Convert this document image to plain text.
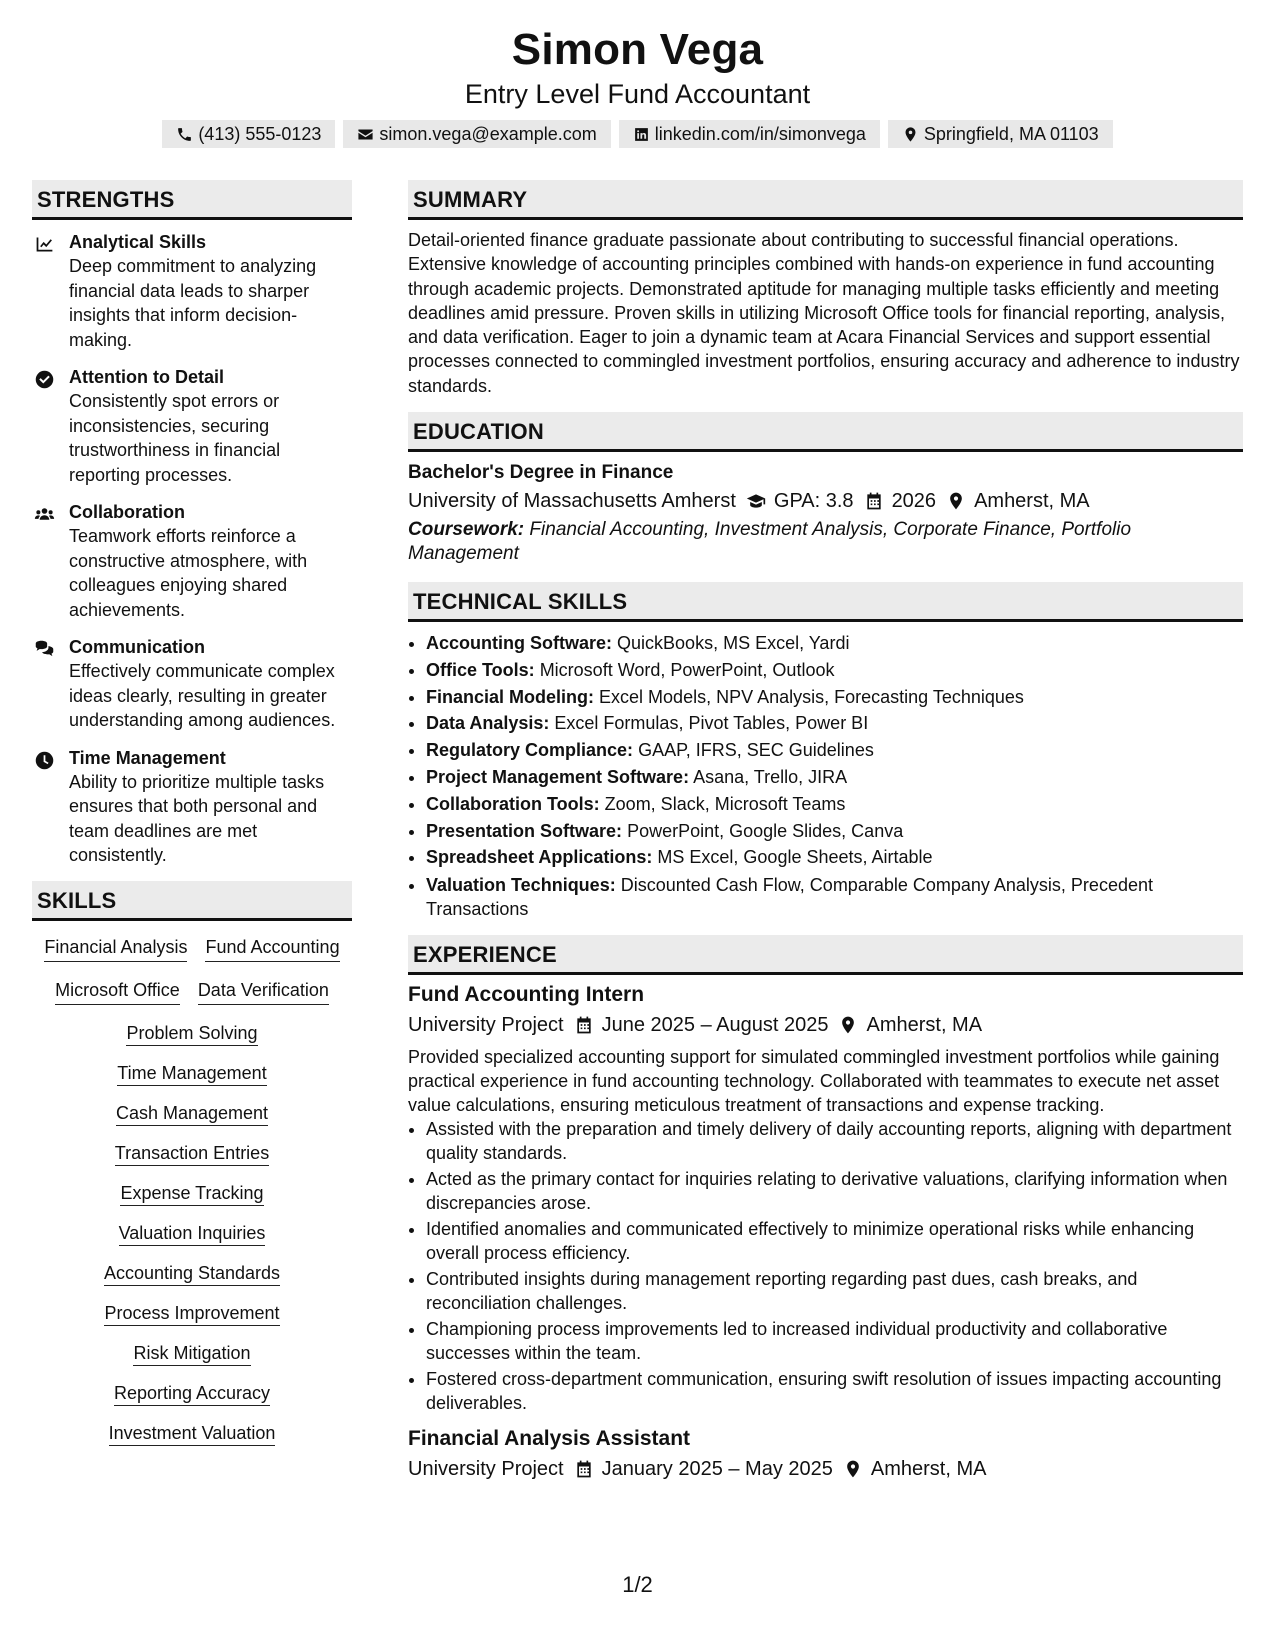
Simon Vega
Entry Level Fund Accountant
(413) 555-0123	simon.vega@example.com	linkedin.com/in/simonvega	Springfield, MA 01103
STRENGTHS
Analytical Skills
Deep commitment to analyzing financial data leads to sharper insights that inform decision-making.
Attention to Detail
Consistently spot errors or inconsistencies, securing trustworthiness in financial reporting processes.
Collaboration
Teamwork efforts reinforce a constructive atmosphere, with colleagues enjoying shared achievements.
Communication
Effectively communicate complex ideas clearly, resulting in greater understanding among audiences.
Time Management
Ability to prioritize multiple tasks ensures that both personal and team deadlines are met consistently.
SKILLS
Financial Analysis Fund Accounting
Microsoft Office Data Verification
Problem Solving
Time Management
Cash Management
Transaction Entries
Expense Tracking
Valuation Inquiries
Accounting Standards
Process Improvement
Risk Mitigation
Reporting Accuracy
Investment Valuation
SUMMARY
Detail-oriented finance graduate passionate about contributing to successful financial operations. Extensive knowledge of accounting principles combined with hands-on experience in fund accounting through academic projects. Demonstrated aptitude for managing multiple tasks efficiently and meeting deadlines amid pressure. Proven skills in utilizing Microsoft Office tools for financial reporting, analysis, and data verification. Eager to join a dynamic team at Acara Financial Services and support essential processes connected to commingled investment portfolios, ensuring accuracy and adherence to industry standards.
EDUCATION
Bachelor's Degree in Finance
University of Massachusetts Amherst GPA: 3.8 2026 Amherst, MA
Coursework: Financial Accounting, Investment Analysis, Corporate Finance, Portfolio Management
TECHNICAL SKILLS
• Accounting Software: QuickBooks, MS Excel, Yardi
• Office Tools: Microsoft Word, PowerPoint, Outlook
• Financial Modeling: Excel Models, NPV Analysis, Forecasting Techniques
• Data Analysis: Excel Formulas, Pivot Tables, Power BI
• Regulatory Compliance: GAAP, IFRS, SEC Guidelines
• Project Management Software: Asana, Trello, JIRA
• Collaboration Tools: Zoom, Slack, Microsoft Teams
• Presentation Software: PowerPoint, Google Slides, Canva
• Spreadsheet Applications: MS Excel, Google Sheets, Airtable
• Valuation Techniques: Discounted Cash Flow, Comparable Company Analysis, Precedent Transactions
EXPERIENCE
Fund Accounting Intern
University Project June 2025 – August 2025 Amherst, MA
Provided specialized accounting support for simulated commingled investment portfolios while gaining practical experience in fund accounting technology. Collaborated with teammates to execute net asset value calculations, ensuring meticulous treatment of transactions and expense tracking.
• Assisted with the preparation and timely delivery of daily accounting reports, aligning with department quality standards.
• Acted as the primary contact for inquiries relating to derivative valuations, clarifying information when discrepancies arose.
• Identified anomalies and communicated effectively to minimize operational risks while enhancing overall process efficiency.
• Contributed insights during management reporting regarding past dues, cash breaks, and reconciliation challenges.
• Championing process improvements led to increased individual productivity and collaborative successes within the team.
• Fostered cross-department communication, ensuring swift resolution of issues impacting accounting deliverables.
Financial Analysis Assistant
University Project January 2025 – May 2025 Amherst, MA
1/2
